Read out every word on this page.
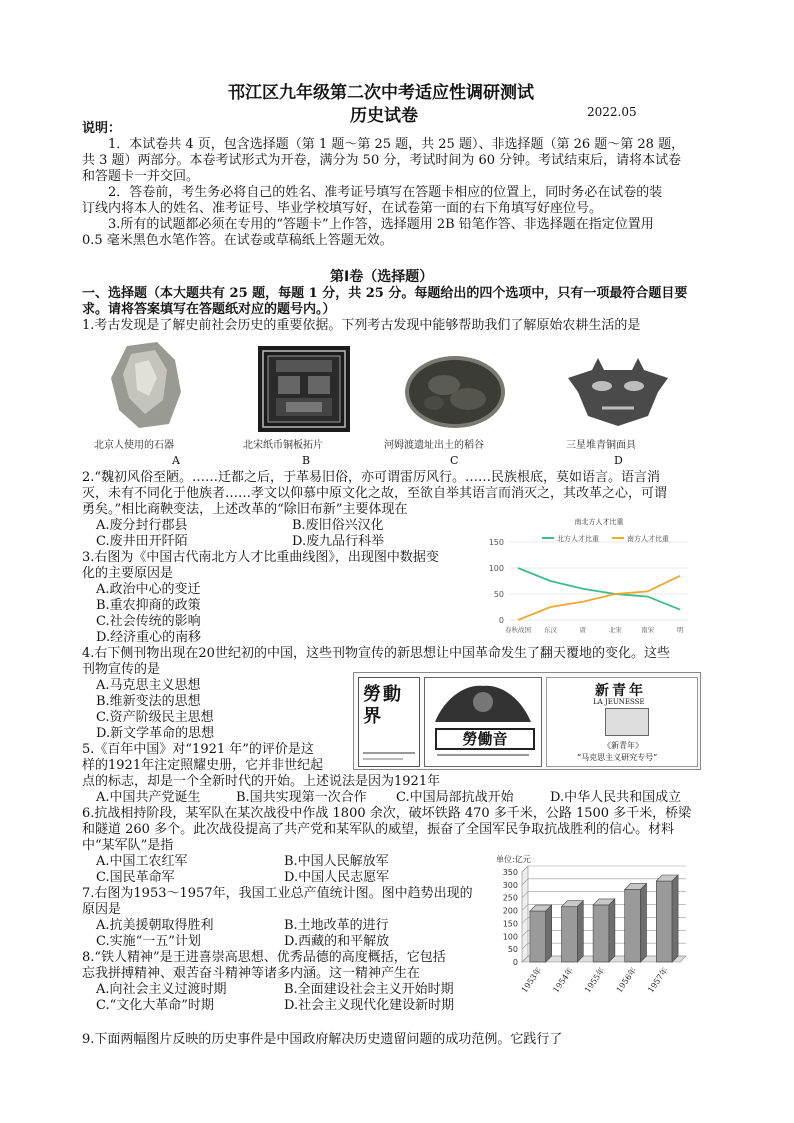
邗江区九年级第二次中考适应性调研测试
历史试卷	2022.05
说明：
1．本试卷共 4 页，包含选择题（第 1 题～第 25 题，共 25 题）、非选择题（第 26 题～第 28 题，
共 3 题）两部分。本卷考试形式为开卷，满分为 50 分，考试时间为 60 分钟。考试结束后，请将本试卷
和答题卡一并交回。
2．答卷前，考生务必将自己的姓名、准考证号填写在答题卡相应的位置上，同时务必在试卷的装
订线内将本人的姓名、准考证号、毕业学校填写好，在试卷第一面的右下角填写好座位号。
3.所有的试题都必须在专用的“答题卡”上作答，选择题用 2B 铅笔作答、非选择题在指定位置用
0.5 毫米黑色水笔作答。在试卷或草稿纸上答题无效。
第Ⅰ卷（选择题）
一、选择题（本大题共有 25 题，每题 1 分，共 25 分。每题给出的四个选项中，只有一项最符合题目要
求。请将答案填写在答题纸对应的题号内。）
1.考古发现是了解史前社会历史的重要依据。下列考古发现中能够帮助我们了解原始农耕生活的是
北京人使用的石器	北宋纸币铜板拓片	河姆渡遗址出土的稻谷	三星堆青铜面具
A	B	C	D
2.“魏初风俗至陋。……迁都之后，于革易旧俗，亦可谓雷厉风行。……民族根底，莫如语言。语言消
灭，未有不同化于他族者……孝文以仰慕中原文化之故，至欲自举其语言而消灭之，其改革之心，可谓
勇矣。”相比商鞅变法，上述改革的“除旧布新”主要体现在
A.废分封行郡县	B.废旧俗兴汉化
C.废井田开阡陌	D.废九品行科举
3.右图为《中国古代南北方人才比重曲线图》，出现图中数据变
化的主要原因是
A.政治中心的变迁
B.重农抑商的政策
C.社会传统的影响
D.经济重心的南移
南北方人才比重
0
50
100
150
春秋战国 东汉	唐	北宋	南宋	明
北方人才比重	南方人才比重
4.右下侧刊物出现在20世纪初的中国，这些刊物宣传的新思想让中国革命发生了翻天覆地的变化。这些
刊物宣传的是
A.马克思主义思想
B.维新变法的思想
C.资产阶级民主思想
D.新文学革命的思想
勞動界
勞働音
新青年
LA JEUNESSE
《新青年》
“马克思主义研究专号”
5.《百年中国》对“1921 年”的评价是这
样的1921年注定照耀史册，它并非世纪起
点的标志，却是一个全新时代的开始。上述说法是因为1921年
A.中国共产党诞生	B.国共实现第一次合作 C.中国局部抗战开始	D.中华人民共和国成立
6.抗战相持阶段，某军队在某次战役中作战 1800 余次，破坏铁路 470 多千米，公路 1500 多千米，桥梁
和隧道 260 多个。此次战役提高了共产党和某军队的威望，振奋了全国军民争取抗战胜利的信心。材料
中“某军队”是指
A.中国工农红军	B.中国人民解放军
C.国民革命军	D.中国人民志愿军
单位:亿元
0
50
100
150
200
250
300
350
1953年 1954年 1955年 1956年 1957年
7.右图为1953～1957年，我国工业总产值统计图。图中趋势出现的
原因是
A.抗美援朝取得胜利	B.土地改革的进行
C.实施“一五”计划	D.西藏的和平解放
8.“铁人精神”是王进喜崇高思想、优秀品德的高度概括，它包括
忘我拼搏精神、艰苦奋斗精神等诸多内涵。这一精神产生在
A.向社会主义过渡时期	B.全面建设社会主义开始时期
C.“文化大革命”时期	D.社会主义现代化建设新时期
9.下面两幅图片反映的历史事件是中国政府解决历史遗留问题的成功范例。它践行了
